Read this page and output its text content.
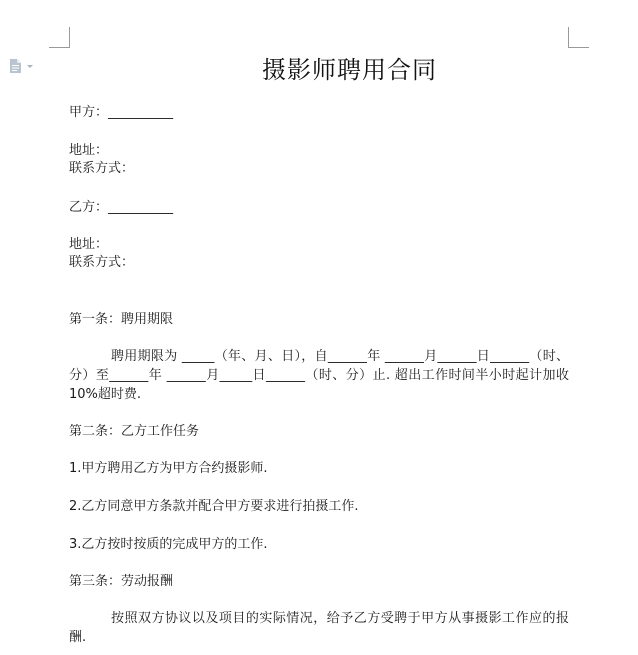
摄影师聘用合同
甲方：__________
地址：
联系方式：
乙方：__________
地址：
联系方式：
第一条：聘用期限
聘用期限为 _____（年、月、日），自______年 ______月______日______（时、分）至______年 ______月_____日______（时、分）止. 超出工作时间半小时起计加收 10%超时费.
第二条：乙方工作任务
1.甲方聘用乙方为甲方合约摄影师.
2.乙方同意甲方条款并配合甲方要求进行拍摄工作.
3.乙方按时按质的完成甲方的工作.
第三条：劳动报酬
按照双方协议以及项目的实际情况，给予乙方受聘于甲方从事摄影工作应的报酬.
